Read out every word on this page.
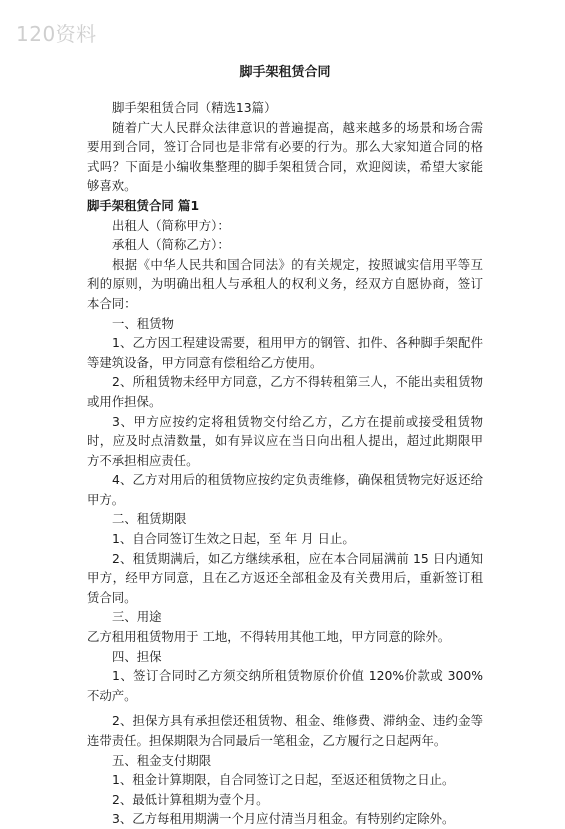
120资料
脚手架租赁合同

脚手架租赁合同（精选13篇）

随着广大人民群众法律意识的普遍提高，越来越多的场景和场合需要用到合同，签订合同也是非常有必要的行为。那么大家知道合同的格式吗？下面是小编收集整理的脚手架租赁合同，欢迎阅读，希望大家能够喜欢。

脚手架租赁合同 篇1

出租人（简称甲方）：

承租人（简称乙方）：

根据《中华人民共和国合同法》的有关规定，按照诚实信用平等互利的原则，为明确出租人与承租人的权利义务，经双方自愿协商，签订本合同：

一、租赁物

1、乙方因工程建设需要，租用甲方的钢管、扣件、各种脚手架配件等建筑设备，甲方同意有偿租给乙方使用。

2、所租赁物未经甲方同意，乙方不得转租第三人，不能出卖租赁物或用作担保。

3、甲方应按约定将租赁物交付给乙方，乙方在提前或接受租赁物时，应及时点清数量，如有异议应在当日向出租人提出，超过此期限甲方不承担相应责任。

4、乙方对用后的租赁物应按约定负责维修，确保租赁物完好返还给甲方。

二、租赁期限

1、自合同签订生效之日起，至 年 月 日止。

2、租赁期满后，如乙方继续承租，应在本合同届满前 15 日内通知甲方，经甲方同意，且在乙方返还全部租金及有关费用后，重新签订租赁合同。

三、用途

乙方租用租赁物用于 工地，不得转用其他工地，甲方同意的除外。

四、担保

1、签订合同时乙方须交纳所租赁物原价价值 120%价款或 300%不动产。

2、担保方具有承担偿还租赁物、租金、维修费、滞纳金、违约金等连带责任。担保期限为合同最后一笔租金，乙方履行之日起两年。

五、租金支付期限

1、租金计算期限，自合同签订之日起，至返还租赁物之日止。

2、最低计算租期为壹个月。

3、乙方每租用期满一个月应付清当月租金。有特别约定除外。
